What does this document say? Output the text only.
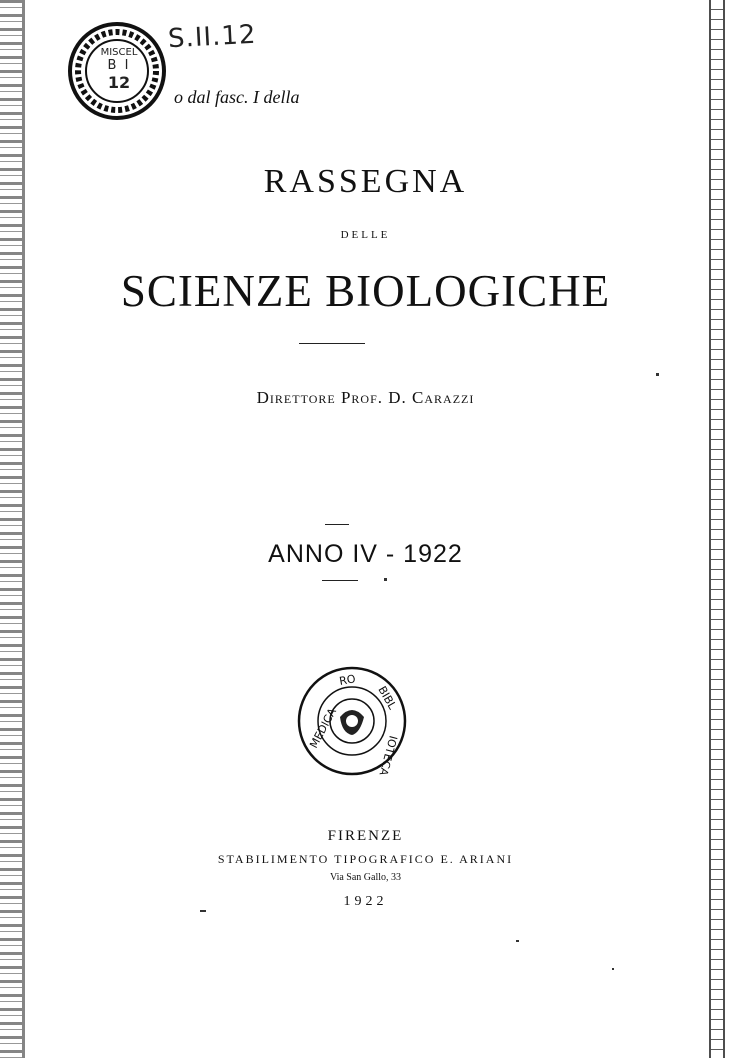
MISCEL
B I
12
S.II.12
o dal fasc. I della
RASSEGNA
DELLE
SCIENZE BIOLOGICHE
Direttore Prof. D. Carazzi
ANNO IV - 1922
MEDICA
RO
BIBL
IOTECA
FIRENZE
STABILIMENTO TIPOGRAFICO E. ARIANI
Via San Gallo, 33
1922
